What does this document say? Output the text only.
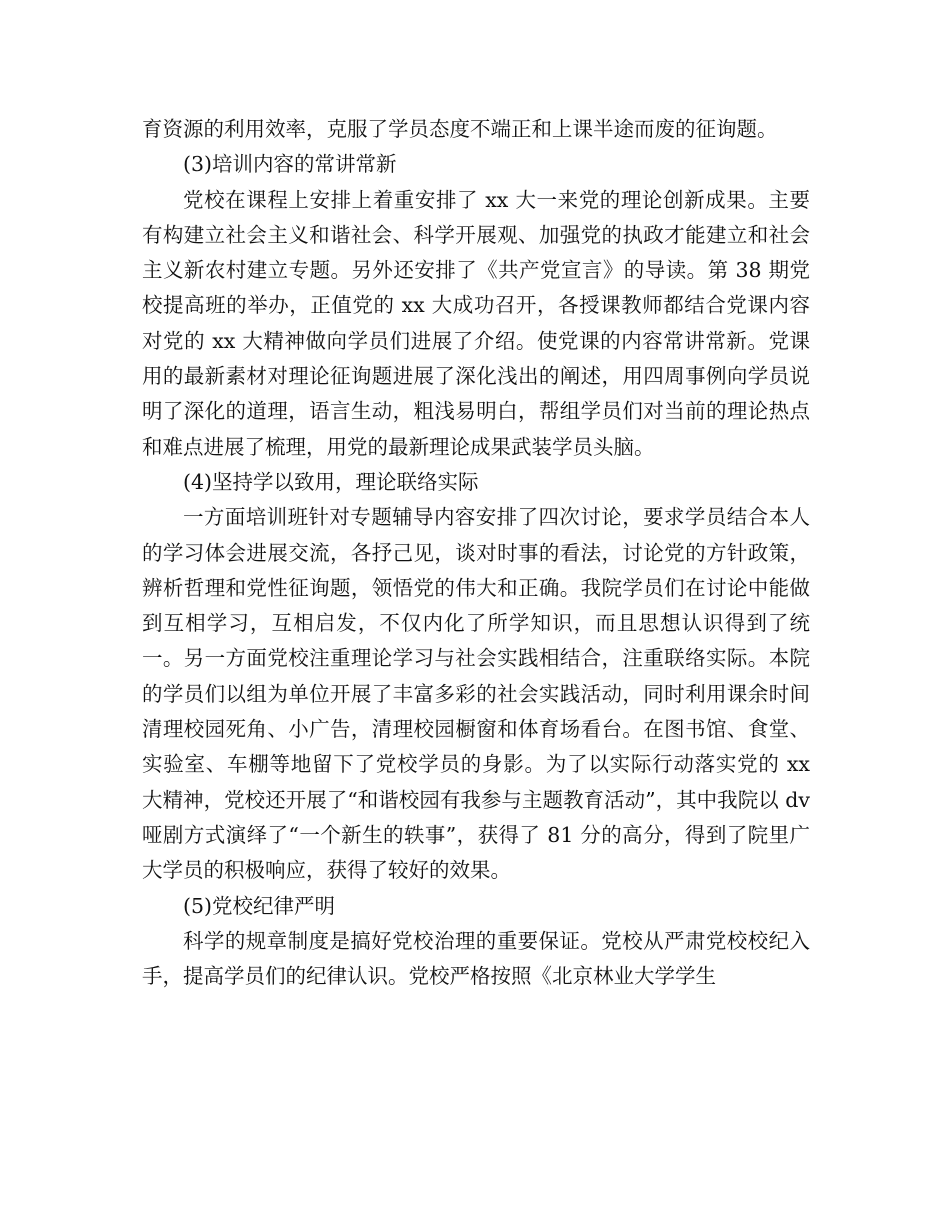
育资源的利用效率，克服了学员态度不端正和上课半途而废的征询题。

(3)培训内容的常讲常新

党校在课程上安排上着重安排了 xx 大一来党的理论创新成果。主要有构建立社会主义和谐社会、科学开展观、加强党的执政才能建立和社会主义新农村建立专题。另外还安排了《共产党宣言》的导读。第 38 期党校提高班的举办，正值党的 xx 大成功召开，各授课教师都结合党课内容对党的 xx 大精神做向学员们进展了介绍。使党课的内容常讲常新。党课用的最新素材对理论征询题进展了深化浅出的阐述，用四周事例向学员说明了深化的道理，语言生动，粗浅易明白，帮组学员们对当前的理论热点和难点进展了梳理，用党的最新理论成果武装学员头脑。

(4)坚持学以致用，理论联络实际

一方面培训班针对专题辅导内容安排了四次讨论，要求学员结合本人的学习体会进展交流，各抒己见，谈对时事的看法，讨论党的方针政策，辨析哲理和党性征询题，领悟党的伟大和正确。我院学员们在讨论中能做到互相学习，互相启发，不仅内化了所学知识，而且思想认识得到了统一。另一方面党校注重理论学习与社会实践相结合，注重联络实际。本院的学员们以组为单位开展了丰富多彩的社会实践活动，同时利用课余时间清理校园死角、小广告，清理校园橱窗和体育场看台。在图书馆、食堂、实验室、车棚等地留下了党校学员的身影。为了以实际行动落实党的 xx 大精神，党校还开展了“和谐校园有我参与主题教育活动”，其中我院以 dv 哑剧方式演绎了“一个新生的轶事”，获得了 81 分的高分，得到了院里广大学员的积极响应，获得了较好的效果。

(5)党校纪律严明

科学的规章制度是搞好党校治理的重要保证。党校从严肃党校校纪入手，提高学员们的纪律认识。党校严格按照《北京林业大学学生
